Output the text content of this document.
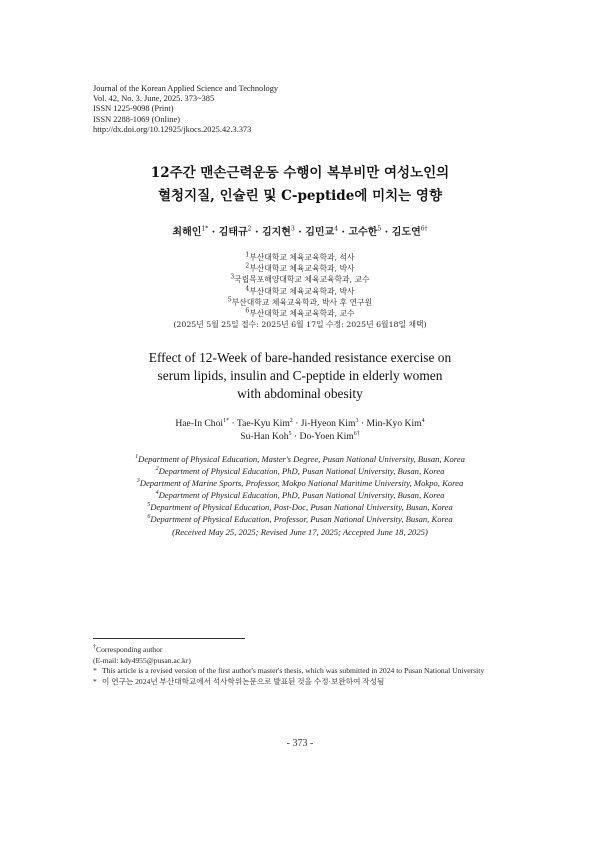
Journal of the Korean Applied Science and Technology
Vol. 42, No. 3. June, 2025. 373~385
ISSN 1225-9098 (Print)
ISSN 2288-1069 (Online)
http://dx.doi.org/10.12925/jkocs.2025.42.3.373
12주간 맨손근력운동 수행이 복부비만 여성노인의
혈청지질, 인슐린 및 C-peptide에 미치는 영향
최해인$^{1*}$ · 김태규$^2$ · 김지현$^3$ · 김민교$^4$ · 고수한$^5$ · 김도연$^{6\dagger}$
$^1$부산대학교 체육교육학과, 석사
$^2$부산대학교 체육교육학과, 박사
$^3$국립목포해양대학교 체육교육학과, 교수
$^4$부산대학교 체육교육학과, 박사
$^5$부산대학교 체육교육학과, 박사 후 연구원
$^6$부산대학교 체육교육학과, 교수
(2025년 5월 25일 접수: 2025년 6월 17일 수정: 2025년 6월18일 채택)
Effect of 12-Week of bare-handed resistance exercise on
serum lipids, insulin and C-peptide in elderly women
with abdominal obesity
Hae-In Choi$^{1*}$ · Tae-Kyu Kim$^2$ · Ji-Hyeon Kim$^3$ · Min-Kyo Kim$^4$
Su-Han Koh$^5$ · Do-Yoen Kim$^{6\dagger}$
$^1$Department of Physical Education, Master's Degree, Pusan National University, Busan, Korea
$^2$Department of Physical Education, PhD, Pusan National University, Busan, Korea
$^3$Department of Marine Sports, Professor, Mokpo National Maritime University, Mokpo, Korea
$^4$Department of Physical Education, PhD, Pusan National University, Busan, Korea
$^5$Department of Physical Education, Post-Doc, Pusan National University, Busan, Korea
$^6$Department of Physical Education, Professor, Pusan National University, Busan, Korea
(Received May 25, 2025; Revised June 17, 2025; Accepted June 18, 2025)
†Corresponding author
(E-mail: kdy4955@pusan.ac.kr)
* This article is a revised version of the first author's master's thesis, which was submitted in 2024 to Pusan National University
* 이 연구는 2024년 부산대학교에서 석사학위논문으로 발표된 것을 수정·보완하여 작성됨
- 373 -
